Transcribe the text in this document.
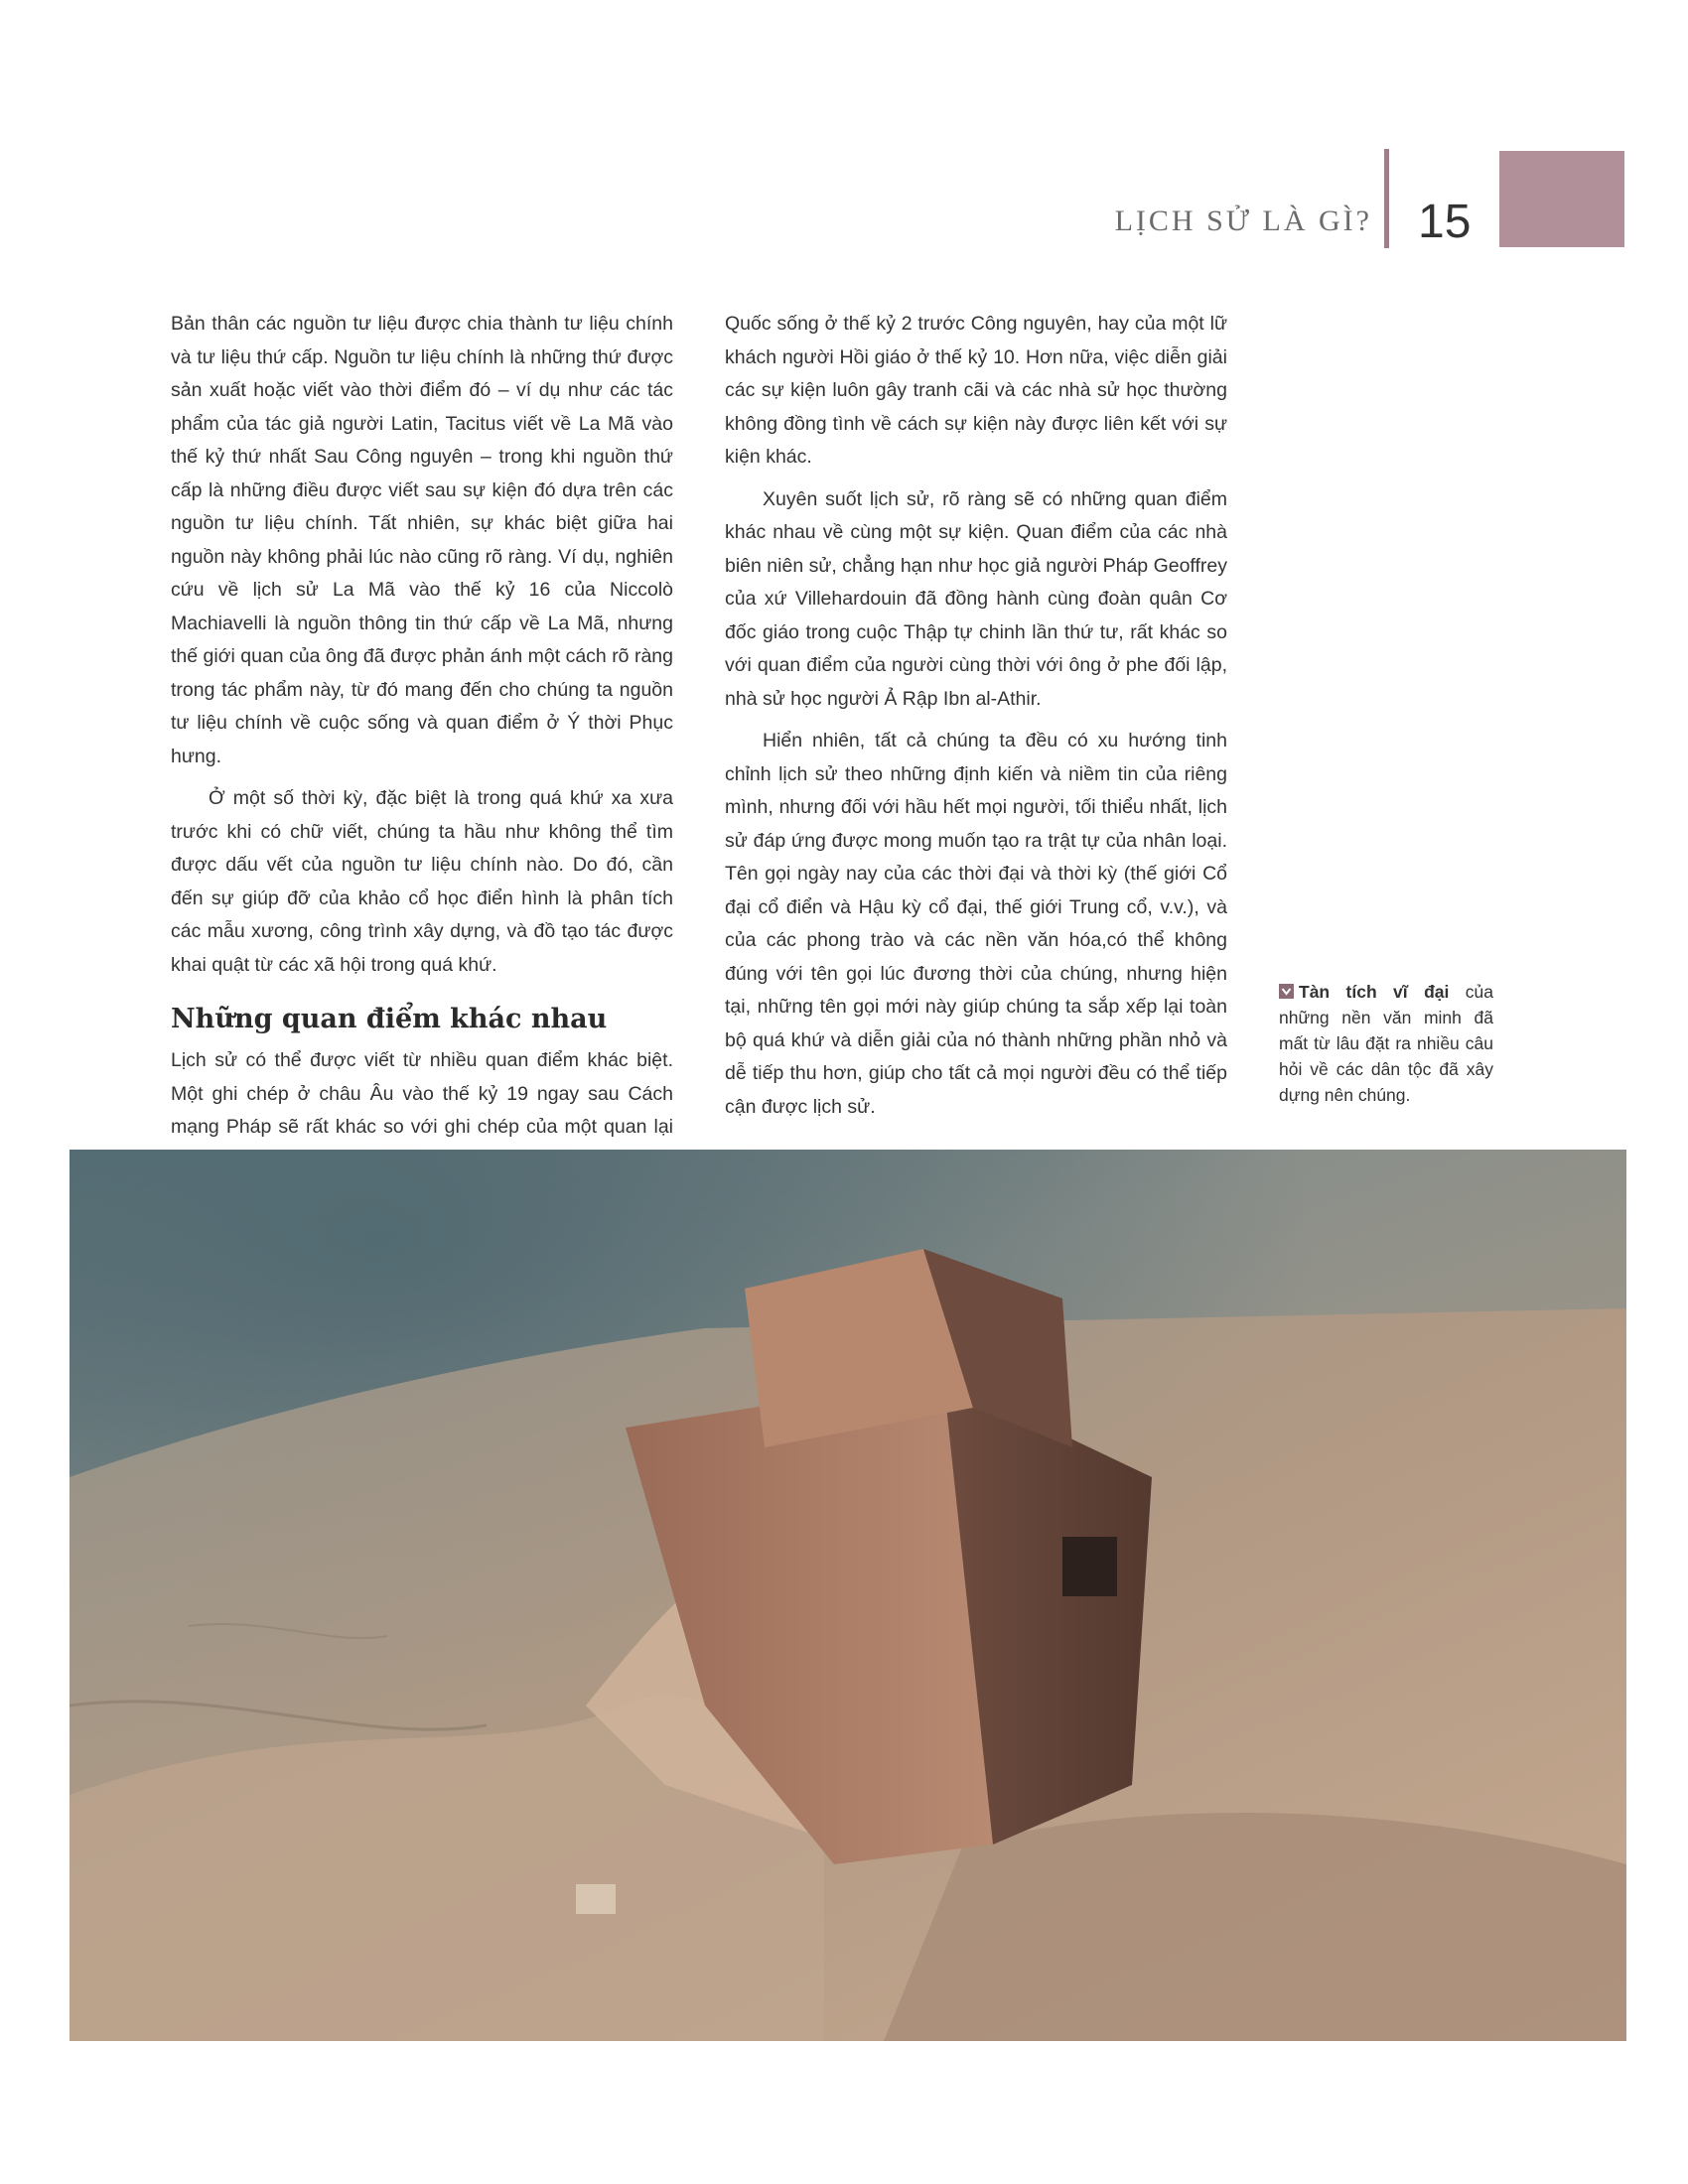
LỊCH SỬ LÀ GÌ? 15

Bản thân các nguồn tư liệu được chia thành tư liệu chính và tư liệu thứ cấp. Nguồn tư liệu chính là những thứ được sản xuất hoặc viết vào thời điểm đó – ví dụ như các tác phẩm của tác giả người Latin, Tacitus viết về La Mã vào thế kỷ thứ nhất Sau Công nguyên – trong khi nguồn thứ cấp là những điều được viết sau sự kiện đó dựa trên các nguồn tư liệu chính. Tất nhiên, sự khác biệt giữa hai nguồn này không phải lúc nào cũng rõ ràng. Ví dụ, nghiên cứu về lịch sử La Mã vào thế kỷ 16 của Niccolò Machiavelli là nguồn thông tin thứ cấp về La Mã, nhưng thế giới quan của ông đã được phản ánh một cách rõ ràng trong tác phẩm này, từ đó mang đến cho chúng ta nguồn tư liệu chính về cuộc sống và quan điểm ở Ý thời Phục hưng.

Ở một số thời kỳ, đặc biệt là trong quá khứ xa xưa trước khi có chữ viết, chúng ta hầu như không thể tìm được dấu vết của nguồn tư liệu chính nào. Do đó, cần đến sự giúp đỡ của khảo cổ học điển hình là phân tích các mẫu xương, công trình xây dựng, và đồ tạo tác được khai quật từ các xã hội trong quá khứ.

Những quan điểm khác nhau

Lịch sử có thể được viết từ nhiều quan điểm khác biệt. Một ghi chép ở châu Âu vào thế kỷ 19 ngay sau Cách mạng Pháp sẽ rất khác so với ghi chép của một quan lại

Quốc sống ở thế kỷ 2 trước Công nguyên, hay của một lữ khách người Hồi giáo ở thế kỷ 10. Hơn nữa, việc diễn giải các sự kiện luôn gây tranh cãi và các nhà sử học thường không đồng tình về cách sự kiện này được liên kết với sự kiện khác.

Xuyên suốt lịch sử, rõ ràng sẽ có những quan điểm khác nhau về cùng một sự kiện. Quan điểm của các nhà biên niên sử, chẳng hạn như học giả người Pháp Geoffrey của xứ Villehardouin đã đồng hành cùng đoàn quân Cơ đốc giáo trong cuộc Thập tự chinh lần thứ tư, rất khác so với quan điểm của người cùng thời với ông ở phe đối lập, nhà sử học người Ả Rập Ibn al-Athir.

Hiển nhiên, tất cả chúng ta đều có xu hướng tinh chỉnh lịch sử theo những định kiến và niềm tin của riêng mình, nhưng đối với hầu hết mọi người, tối thiểu nhất, lịch sử đáp ứng được mong muốn tạo ra trật tự của nhân loại. Tên gọi ngày nay của các thời đại và thời kỳ (thế giới Cổ đại cổ điển và Hậu kỳ cổ đại, thế giới Trung cổ, v.v.), và của các phong trào và các nền văn hóa,có thể không đúng với tên gọi lúc đương thời của chúng, nhưng hiện tại, những tên gọi mới này giúp chúng ta sắp xếp lại toàn bộ quá khứ và diễn giải của nó thành những phần nhỏ và dễ tiếp thu hơn, giúp cho tất cả mọi người đều có thể tiếp cận được lịch sử.

Tàn tích vĩ đại của những nền văn minh đã mất từ lâu đặt ra nhiều câu hỏi về các dân tộc đã xây dựng nên chúng.
